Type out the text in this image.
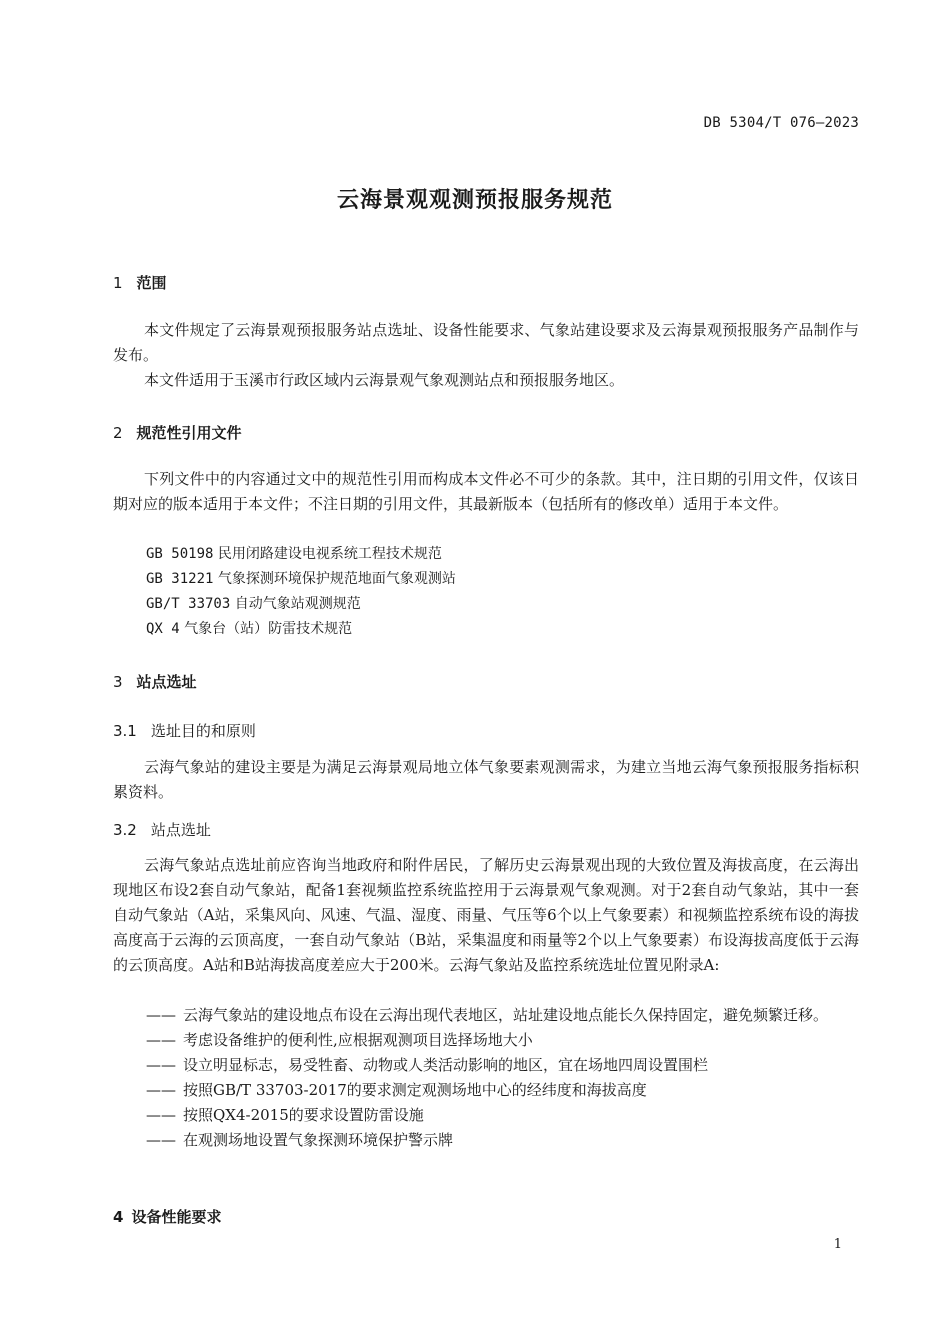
DB 5304/T 076—2023
云海景观观测预报服务规范
1 范围
本文件规定了云海景观预报服务站点选址、设备性能要求、气象站建设要求及云海景观预报服务产品制作与发布。
本文件适用于玉溪市行政区域内云海景观气象观测站点和预报服务地区。
2 规范性引用文件
下列文件中的内容通过文中的规范性引用而构成本文件必不可少的条款。其中，注日期的引用文件，仅该日期对应的版本适用于本文件；不注日期的引用文件，其最新版本（包括所有的修改单）适用于本文件。
GB 50198 民用闭路建设电视系统工程技术规范
GB 31221 气象探测环境保护规范地面气象观测站
GB/T 33703 自动气象站观测规范
QX 4 气象台（站）防雷技术规范
3 站点选址
3.1 选址目的和原则
云海气象站的建设主要是为满足云海景观局地立体气象要素观测需求，为建立当地云海气象预报服务指标积累资料。
3.2 站点选址
云海气象站点选址前应咨询当地政府和附件居民，了解历史云海景观出现的大致位置及海拔高度，在云海出现地区布设2套自动气象站，配备1套视频监控系统监控用于云海景观气象观测。对于2套自动气象站，其中一套自动气象站（A站，采集风向、风速、气温、湿度、雨量、气压等6个以上气象要素）和视频监控系统布设的海拔高度高于云海的云顶高度，一套自动气象站（B站，采集温度和雨量等2个以上气象要素）布设海拔高度低于云海的云顶高度。A站和B站海拔高度差应大于200米。云海气象站及监控系统选址位置见附录A:
—— 云海气象站的建设地点布设在云海出现代表地区，站址建设地点能长久保持固定，避免频繁迁移。
—— 考虑设备维护的便利性,应根据观测项目选择场地大小
—— 设立明显标志，易受牲畜、动物或人类活动影响的地区，宜在场地四周设置围栏
—— 按照GB/T 33703-2017的要求测定观测场地中心的经纬度和海拔高度
—— 按照QX4-2015的要求设置防雷设施
—— 在观测场地设置气象探测环境保护警示牌
4 设备性能要求
1
